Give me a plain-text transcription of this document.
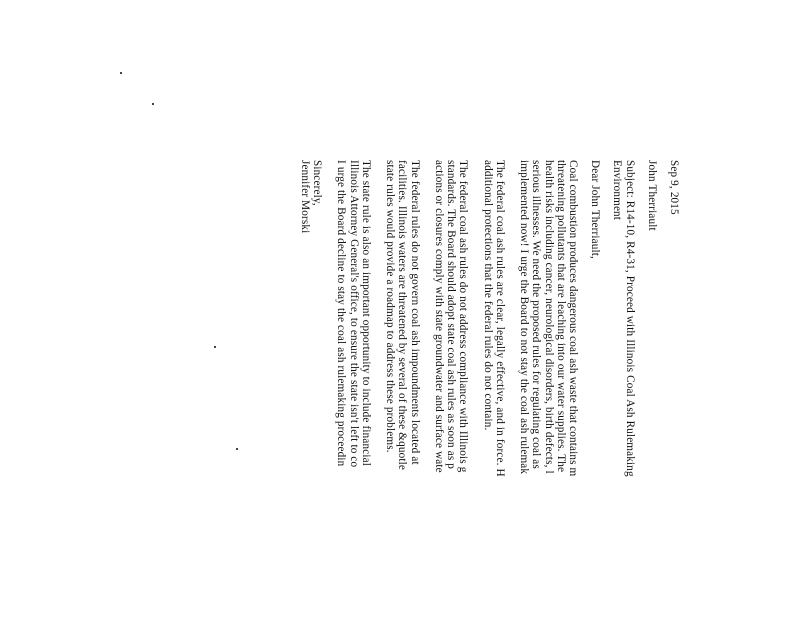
Sep 9, 2015
John Therriault
Subject: R14-10, R4-31, Proceed with Illinois Coal Ash Rulemaking
Environment
Dear John Therriault,
Coal combustion produces dangerous coal ash waste that contains m
threatening pollutants that are leaching into our water supplies. The
health risks including cancer, neurological disorders, birth defects, l
serious illnesses. We need the proposed rules for regulating coal as
implemented now! I urge the Board to not stay the coal ash rulemak
The federal coal ash rules are clear, legally effective, and in force. H
additional protections that the federal rules do not contain.
The federal coal ash rules do not address compliance with Illinois g
standards. The Board should adopt state coal ash rules as soon as p
actions or closures comply with state groundwater and surface wate
The federal rules do not govern coal ash impoundments located at
facilities. Illinois waters are threatened by several of these &quotle
state rules would provide a roadmap to address these problems.
The state rule is also an important opportunity to include financial
Illinois Attorney General's office, to ensure the state isn't left to co
I urge the Board decline to stay the coal ash rulemaking proceedin
Sincerely,
Jennifer Morski
